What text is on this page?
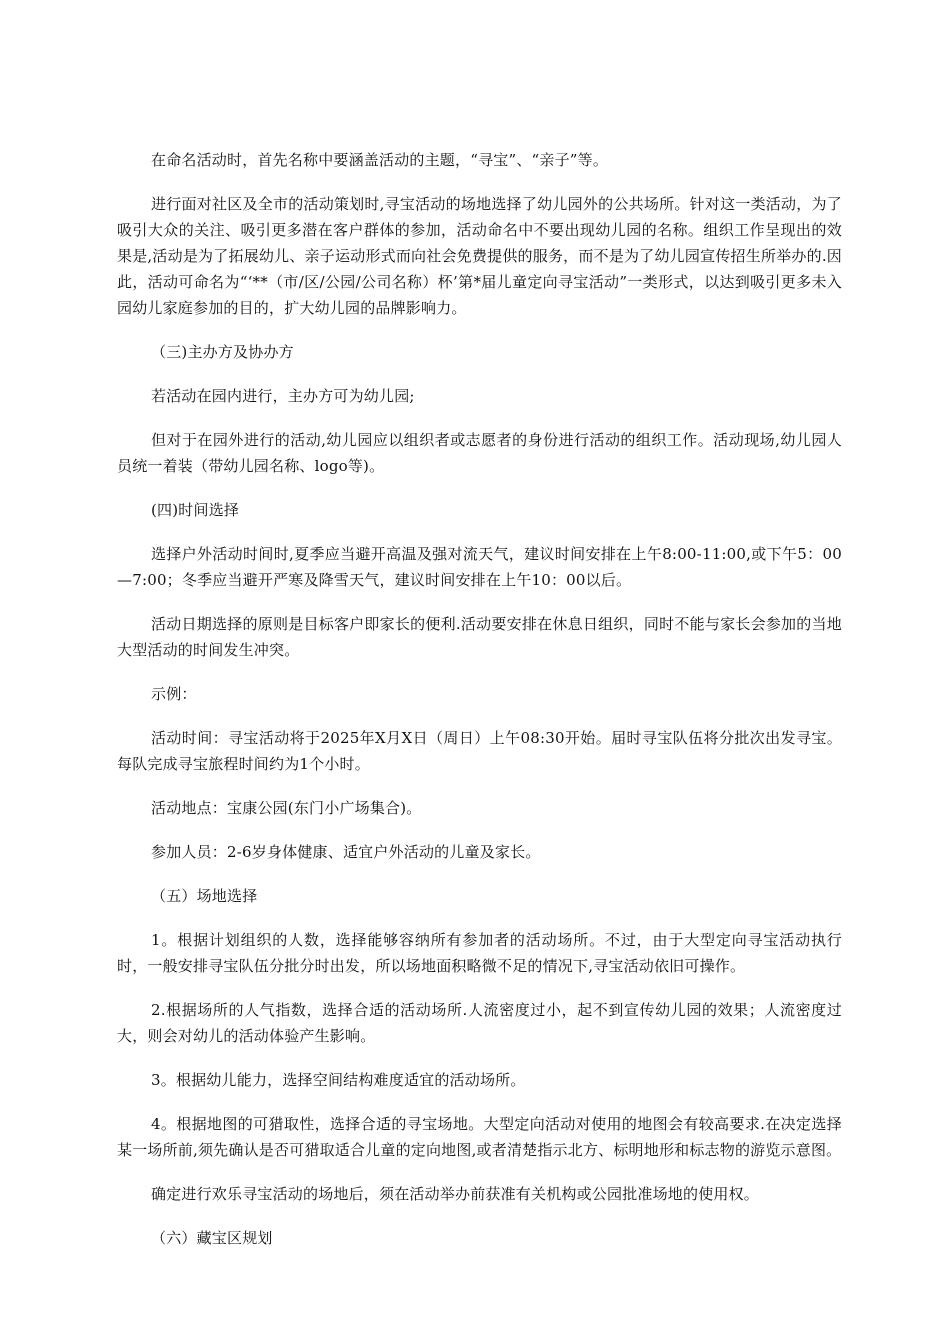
在命名活动时，首先名称中要涵盖活动的主题，“寻宝”、“亲子”等。

进行面对社区及全市的活动策划时,寻宝活动的场地选择了幼儿园外的公共场所。针对这一类活动，为了吸引大众的关注、吸引更多潜在客户群体的参加，活动命名中不要出现幼儿园的名称。组织工作呈现出的效果是,活动是为了拓展幼儿、亲子运动形式而向社会免费提供的服务，而不是为了幼儿园宣传招生所举办的.因此，活动可命名为“‘**（市/区/公园/公司名称）杯’第*届儿童定向寻宝活动”一类形式，以达到吸引更多未入园幼儿家庭参加的目的，扩大幼儿园的品牌影响力。

（三)主办方及协办方

若活动在园内进行，主办方可为幼儿园;

但对于在园外进行的活动,幼儿园应以组织者或志愿者的身份进行活动的组织工作。活动现场,幼儿园人员统一着装（带幼儿园名称、logo等)。

(四)时间选择

选择户外活动时间时,夏季应当避开高温及强对流天气，建议时间安排在上午8:00-11:00,或下午5：00—7:00；冬季应当避开严寒及降雪天气，建议时间安排在上午10：00以后。

活动日期选择的原则是目标客户即家长的便利.活动要安排在休息日组织，同时不能与家长会参加的当地大型活动的时间发生冲突。

示例：

活动时间：寻宝活动将于2025年X月X日（周日）上午08:30开始。届时寻宝队伍将分批次出发寻宝。每队完成寻宝旅程时间约为1个小时。

活动地点：宝康公园(东门小广场集合)。

参加人员：2-6岁身体健康、适宜户外活动的儿童及家长。

（五）场地选择

1。根据计划组织的人数，选择能够容纳所有参加者的活动场所。不过，由于大型定向寻宝活动执行时，一般安排寻宝队伍分批分时出发，所以场地面积略微不足的情况下,寻宝活动依旧可操作。

2.根据场所的人气指数，选择合适的活动场所.人流密度过小，起不到宣传幼儿园的效果；人流密度过大，则会对幼儿的活动体验产生影响。

3。根据幼儿能力，选择空间结构难度适宜的活动场所。

4。根据地图的可猎取性，选择合适的寻宝场地。大型定向活动对使用的地图会有较高要求.在决定选择某一场所前,须先确认是否可猎取适合儿童的定向地图,或者清楚指示北方、标明地形和标志物的游览示意图。

确定进行欢乐寻宝活动的场地后，须在活动举办前获准有关机构或公园批准场地的使用权。

（六）藏宝区规划
